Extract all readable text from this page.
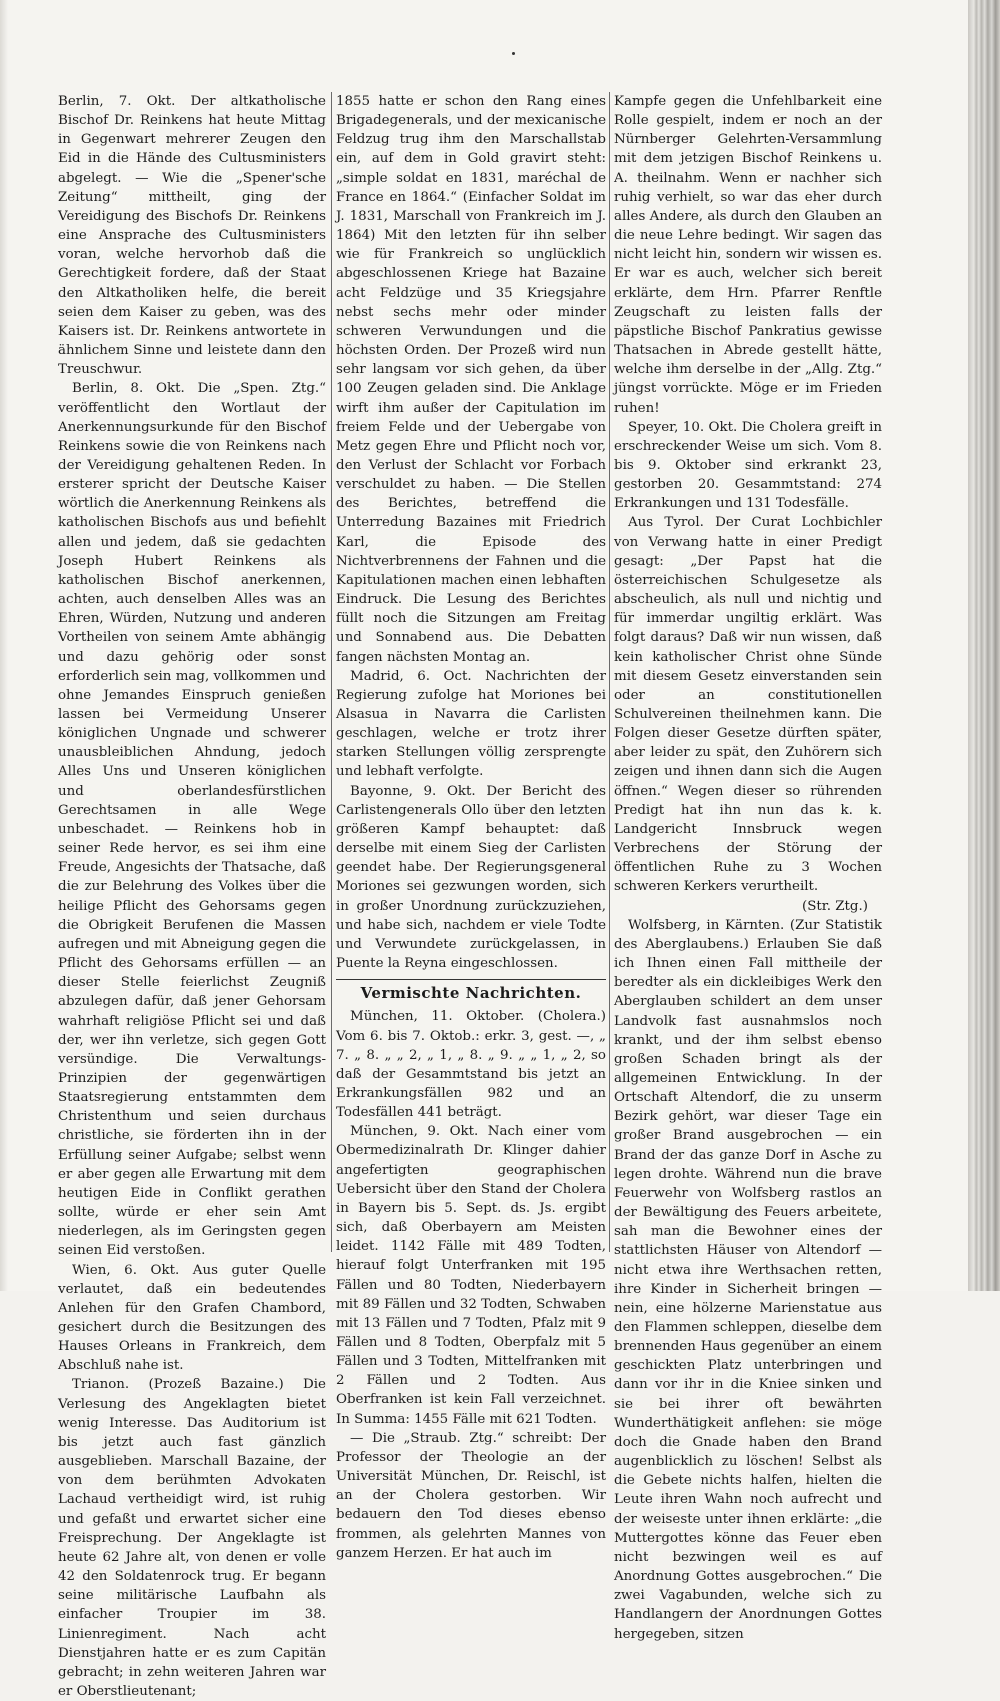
Berlin, 7. Okt. Der altkatholische Bischof Dr. Reinkens hat heute Mittag in Gegenwart mehrerer Zeugen den Eid in die Hände des Cultusministers abgelegt. — Wie die „Spener'sche Zeitung“ mittheilt, ging der Vereidigung des Bischofs Dr. Reinkens eine Ansprache des Cultusministers voran, welche hervorhob daß die Gerechtigkeit fordere, daß der Staat den Altkatholiken helfe, die bereit seien dem Kaiser zu geben, was des Kaisers ist. Dr. Reinkens antwortete in ähnlichem Sinne und leistete dann den Treuschwur.

Berlin, 8. Okt. Die „Spen. Ztg.“ veröffentlicht den Wortlaut der Anerkennungsurkunde für den Bischof Reinkens sowie die von Reinkens nach der Vereidigung gehaltenen Reden. In ersterer spricht der Deutsche Kaiser wörtlich die Anerkennung Reinkens als katholischen Bischofs aus und befiehlt allen und jedem, daß sie gedachten Joseph Hubert Reinkens als katholischen Bischof anerkennen, achten, auch denselben Alles was an Ehren, Würden, Nutzung und anderen Vortheilen von seinem Amte abhängig und dazu gehörig oder sonst erforderlich sein mag, vollkommen und ohne Jemandes Einspruch genießen lassen bei Vermeidung Unserer königlichen Ungnade und schwerer unausbleiblichen Ahndung, jedoch Alles Uns und Unseren königlichen und oberlandesfürstlichen Gerechtsamen in alle Wege unbeschadet. — Reinkens hob in seiner Rede hervor, es sei ihm eine Freude, Angesichts der Thatsache, daß die zur Belehrung des Volkes über die heilige Pflicht des Gehorsams gegen die Obrigkeit Berufenen die Massen aufregen und mit Abneigung gegen die Pflicht des Gehorsams erfüllen — an dieser Stelle feierlichst Zeugniß abzulegen dafür, daß jener Gehorsam wahrhaft religiöse Pflicht sei und daß der, wer ihn verletze, sich gegen Gott versündige. Die Verwaltungs-Prinzipien der gegenwärtigen Staatsregierung entstammten dem Christenthum und seien durchaus christliche, sie förderten ihn in der Erfüllung seiner Aufgabe; selbst wenn er aber gegen alle Erwartung mit dem heutigen Eide in Conflikt gerathen sollte, würde er eher sein Amt niederlegen, als im Geringsten gegen seinen Eid verstoßen.

Wien, 6. Okt. Aus guter Quelle verlautet, daß ein bedeutendes Anlehen für den Grafen Chambord, gesichert durch die Besitzungen des Hauses Orleans in Frankreich, dem Abschluß nahe ist.

Trianon. (Prozeß Bazaine.) Die Verlesung des Angeklagten bietet wenig Interesse. Das Auditorium ist bis jetzt auch fast gänzlich ausgeblieben. Marschall Bazaine, der von dem berühmten Advokaten Lachaud vertheidigt wird, ist ruhig und gefaßt und erwartet sicher eine Freisprechung. Der Angeklagte ist heute 62 Jahre alt, von denen er volle 42 den Soldatenrock trug. Er begann seine militärische Laufbahn als einfacher Troupier im 38. Linienregiment. Nach acht Dienstjahren hatte er es zum Capitän gebracht; in zehn weiteren Jahren war er Oberstlieutenant;

1855 hatte er schon den Rang eines Brigadegenerals, und der mexicanische Feldzug trug ihm den Marschallstab ein, auf dem in Gold gravirt steht: „simple soldat en 1831, maréchal de France en 1864.“ (Einfacher Soldat im J. 1831, Marschall von Frankreich im J. 1864) Mit den letzten für ihn selber wie für Frankreich so unglücklich abgeschlossenen Kriege hat Bazaine acht Feldzüge und 35 Kriegsjahre nebst sechs mehr oder minder schweren Verwundungen und die höchsten Orden. Der Prozeß wird nun sehr langsam vor sich gehen, da über 100 Zeugen geladen sind. Die Anklage wirft ihm außer der Capitulation im freiem Felde und der Uebergabe von Metz gegen Ehre und Pflicht noch vor, den Verlust der Schlacht vor Forbach verschuldet zu haben. — Die Stellen des Berichtes, betreffend die Unterredung Bazaines mit Friedrich Karl, die Episode des Nichtverbrennens der Fahnen und die Kapitulationen machen einen lebhaften Eindruck. Die Lesung des Berichtes füllt noch die Sitzungen am Freitag und Sonnabend aus. Die Debatten fangen nächsten Montag an.

Madrid, 6. Oct. Nachrichten der Regierung zufolge hat Moriones bei Alsasua in Navarra die Carlisten geschlagen, welche er trotz ihrer starken Stellungen völlig zersprengte und lebhaft verfolgte.

Bayonne, 9. Okt. Der Bericht des Carlistengenerals Ollo über den letzten größeren Kampf behauptet: daß derselbe mit einem Sieg der Carlisten geendet habe. Der Regierungsgeneral Moriones sei gezwungen worden, sich in großer Unordnung zurückzuziehen, und habe sich, nachdem er viele Todte und Verwundete zurückgelassen, in Puente la Reyna eingeschlossen.

Vermischte Nachrichten.

München, 11. Oktober. (Cholera.) Vom 6. bis 7. Oktob.: erkr. 3, gest. —, „ 7. „ 8. „ „ 2, „ 1, „ 8. „ 9. „ „ 1, „ 2, so daß der Gesammtstand bis jetzt an Erkrankungsfällen 982 und an Todesfällen 441 beträgt.

München, 9. Okt. Nach einer vom Obermedizinalrath Dr. Klinger dahier angefertigten geographischen Uebersicht über den Stand der Cholera in Bayern bis 5. Sept. ds. Js. ergibt sich, daß Oberbayern am Meisten leidet. 1142 Fälle mit 489 Todten, hierauf folgt Unterfranken mit 195 Fällen und 80 Todten, Niederbayern mit 89 Fällen und 32 Todten, Schwaben mit 13 Fällen und 7 Todten, Pfalz mit 9 Fällen und 8 Todten, Oberpfalz mit 5 Fällen und 3 Todten, Mittelfranken mit 2 Fällen und 2 Todten. Aus Oberfranken ist kein Fall verzeichnet. In Summa: 1455 Fälle mit 621 Todten.

— Die „Straub. Ztg.“ schreibt: Der Professor der Theologie an der Universität München, Dr. Reischl, ist an der Cholera gestorben. Wir bedauern den Tod dieses ebenso frommen, als gelehrten Mannes von ganzem Herzen. Er hat auch im

Kampfe gegen die Unfehlbarkeit eine Rolle gespielt, indem er noch an der Nürnberger Gelehrten-Versammlung mit dem jetzigen Bischof Reinkens u. A. theilnahm. Wenn er nachher sich ruhig verhielt, so war das eher durch alles Andere, als durch den Glauben an die neue Lehre bedingt. Wir sagen das nicht leicht hin, sondern wir wissen es. Er war es auch, welcher sich bereit erklärte, dem Hrn. Pfarrer Renftle Zeugschaft zu leisten falls der päpstliche Bischof Pankratius gewisse Thatsachen in Abrede gestellt hätte, welche ihm derselbe in der „Allg. Ztg.“ jüngst vorrückte. Möge er im Frieden ruhen!

Speyer, 10. Okt. Die Cholera greift in erschreckender Weise um sich. Vom 8. bis 9. Oktober sind erkrankt 23, gestorben 20. Gesammtstand: 274 Erkrankungen und 131 Todesfälle.

Aus Tyrol. Der Curat Lochbichler von Verwang hatte in einer Predigt gesagt: „Der Papst hat die österreichischen Schulgesetze als abscheulich, als null und nichtig und für immerdar ungiltig erklärt. Was folgt daraus? Daß wir nun wissen, daß kein katholischer Christ ohne Sünde mit diesem Gesetz einverstanden sein oder an constitutionellen Schulvereinen theilnehmen kann. Die Folgen dieser Gesetze dürften später, aber leider zu spät, den Zuhörern sich zeigen und ihnen dann sich die Augen öffnen.“ Wegen dieser so rührenden Predigt hat ihn nun das k. k. Landgericht Innsbruck wegen Verbrechens der Störung der öffentlichen Ruhe zu 3 Wochen schweren Kerkers verurtheilt.

(Str. Ztg.)

Wolfsberg, in Kärnten. (Zur Statistik des Aberglaubens.) Erlauben Sie daß ich Ihnen einen Fall mittheile der beredter als ein dickleibiges Werk den Aberglauben schildert an dem unser Landvolk fast ausnahmslos noch krankt, und der ihm selbst ebenso großen Schaden bringt als der allgemeinen Entwicklung. In der Ortschaft Altendorf, die zu unserm Bezirk gehört, war dieser Tage ein großer Brand ausgebrochen — ein Brand der das ganze Dorf in Asche zu legen drohte. Während nun die brave Feuerwehr von Wolfsberg rastlos an der Bewältigung des Feuers arbeitete, sah man die Bewohner eines der stattlichsten Häuser von Altendorf — nicht etwa ihre Werthsachen retten, ihre Kinder in Sicherheit bringen — nein, eine hölzerne Marienstatue aus den Flammen schleppen, dieselbe dem brennenden Haus gegenüber an einem geschickten Platz unterbringen und dann vor ihr in die Kniee sinken und sie bei ihrer oft bewährten Wunderthätigkeit anflehen: sie möge doch die Gnade haben den Brand augenblicklich zu löschen! Selbst als die Gebete nichts halfen, hielten die Leute ihren Wahn noch aufrecht und der weiseste unter ihnen erklärte: „die Muttergottes könne das Feuer eben nicht bezwingen weil es auf Anordnung Gottes ausgebrochen.“ Die zwei Vagabunden, welche sich zu Handlangern der Anordnungen Gottes hergegeben, sitzen
